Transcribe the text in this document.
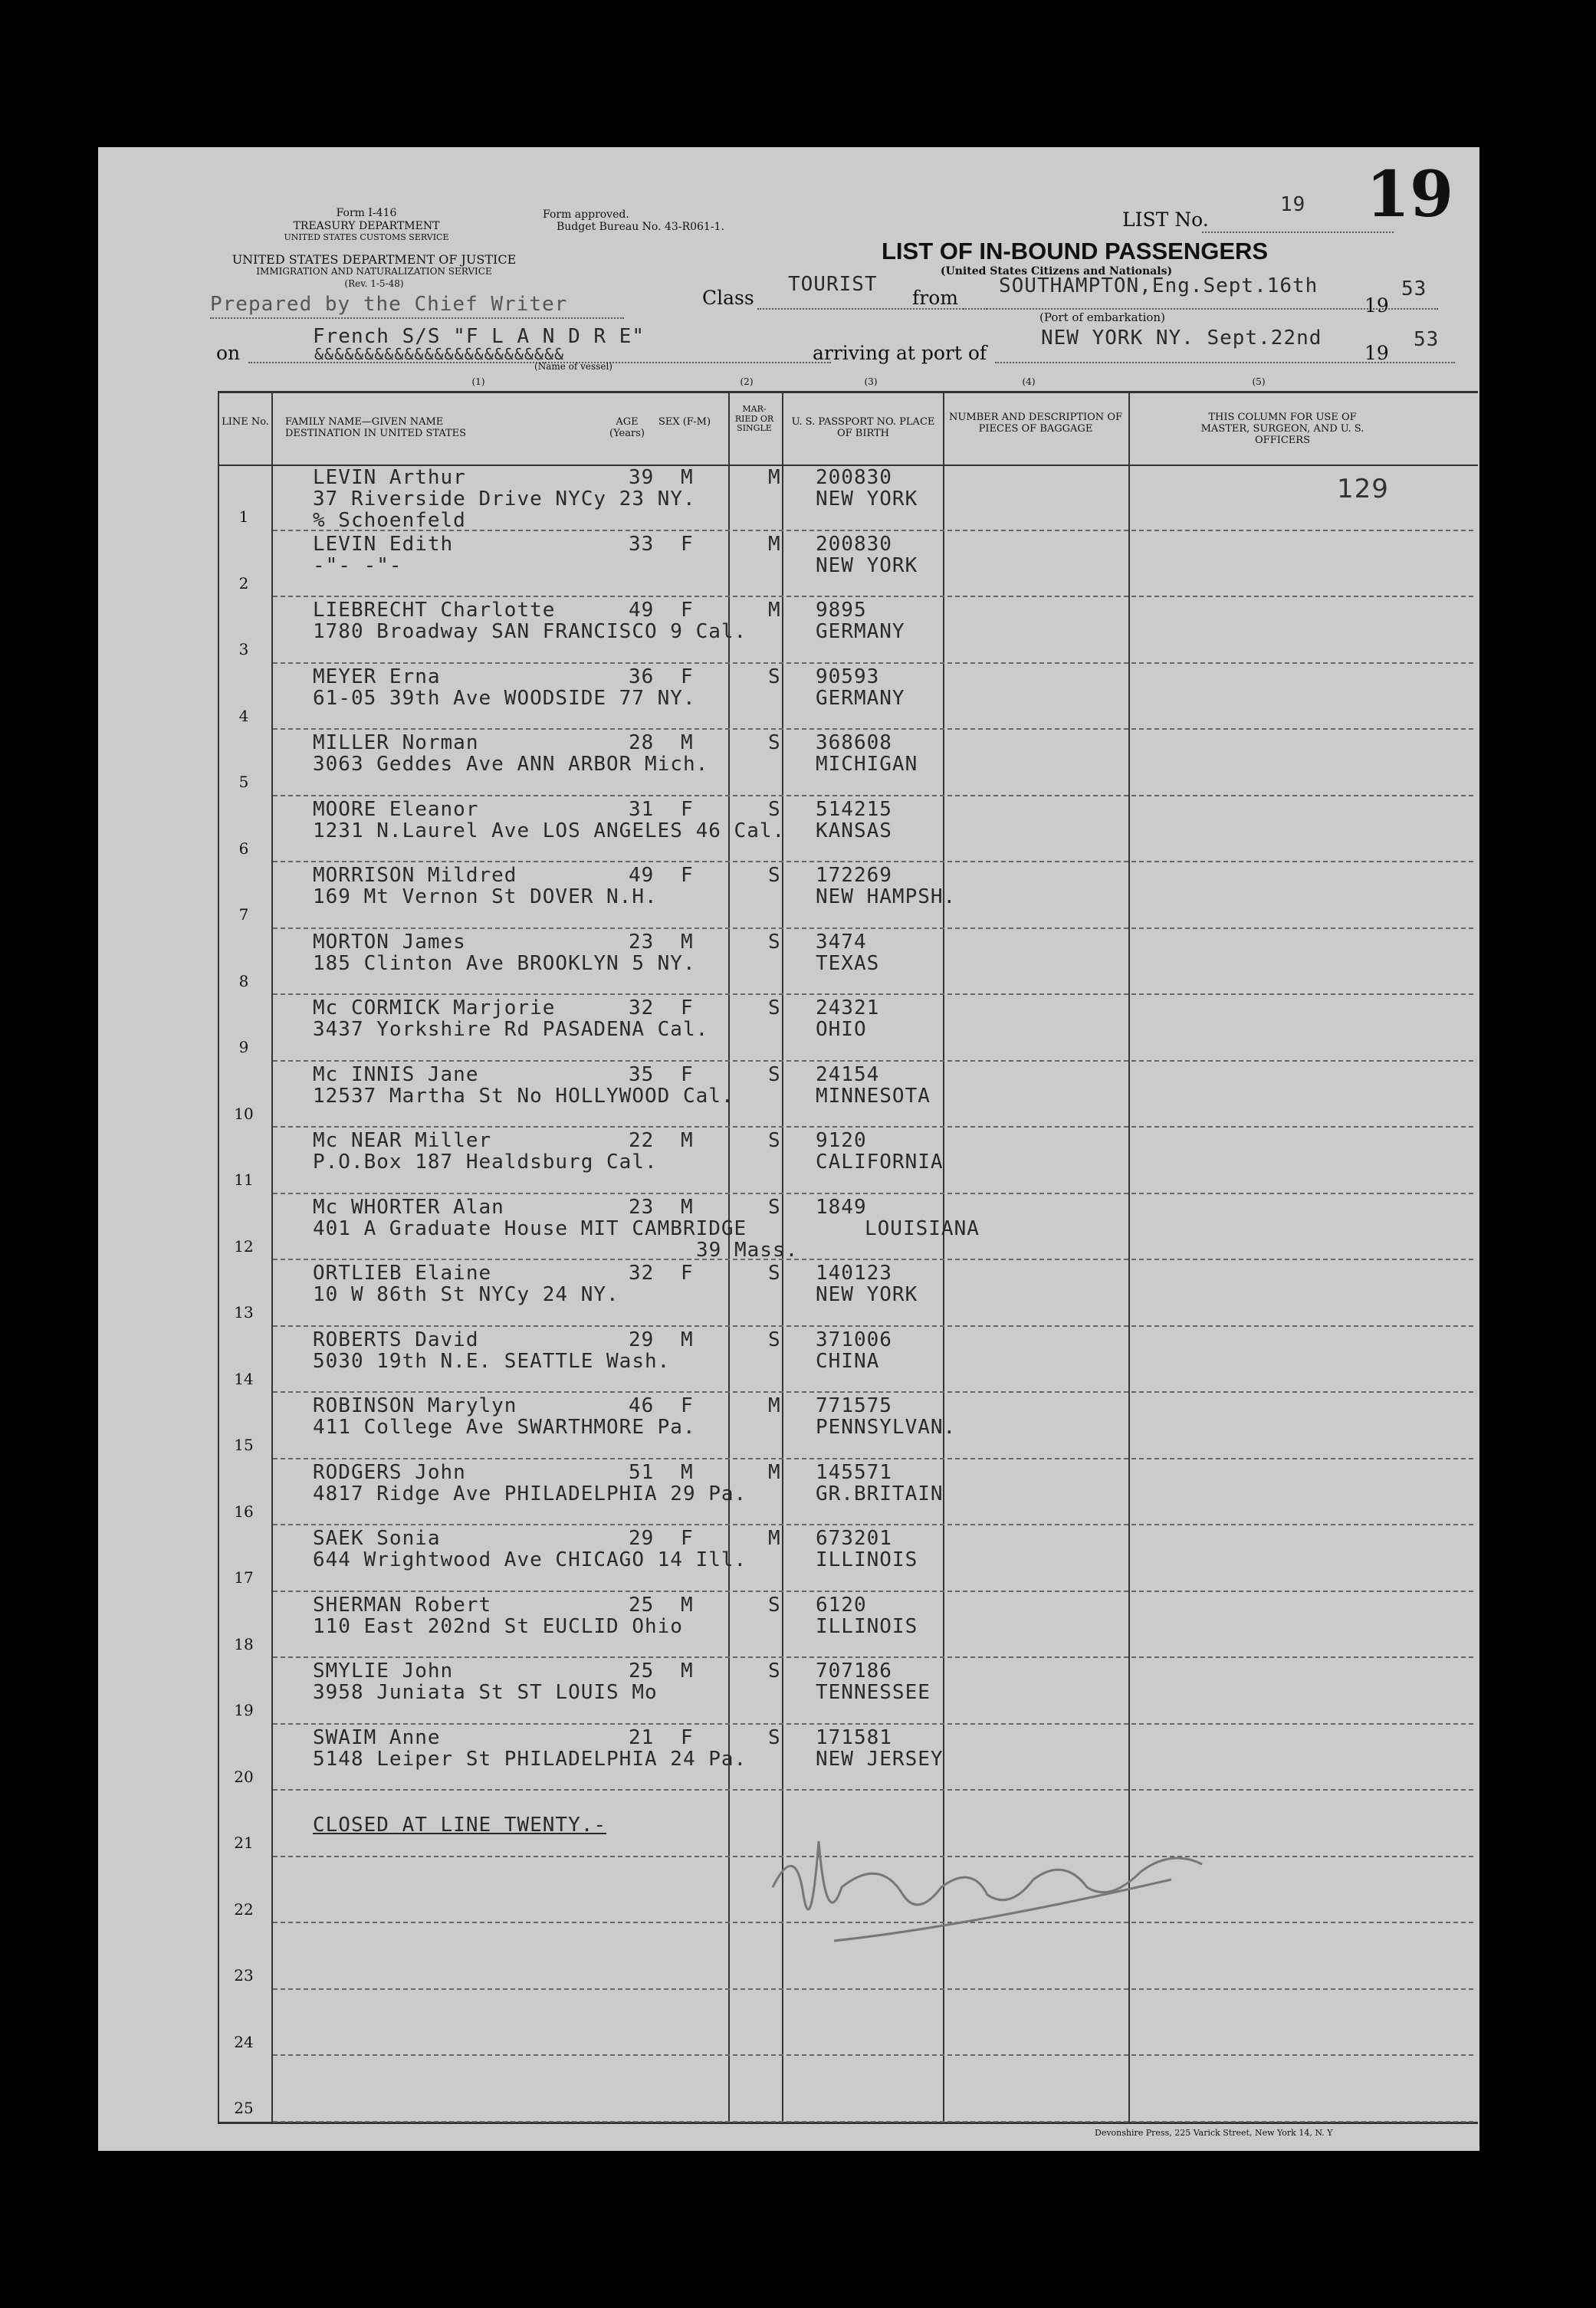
Form I-416
TREASURY DEPARTMENT
UNITED STATES CUSTOMS SERVICE
UNITED STATES DEPARTMENT OF JUSTICE
IMMIGRATION AND NATURALIZATION SERVICE
(Rev. 1-5-48)
Form approved.
Budget Bureau No. 43-R061-1.	LIST No.
19 19
LIST OF IN-BOUND PASSENGERS
(United States Citizens and Nationals)
Prepared by the Chief Writer	Class
TOURIST
from
SOUTHAMPTON,Eng.Sept.16th
19
53
(Port of embarkation)
on
French S/S "F L A N D R E"
&&&&&&&&&&&&&&&&&&&&&&&&&
(Name of vessel)
arriving at port of
NEW YORK NY. Sept.22nd
19
53
(1)	(2)	(3)	(4)	(5)
LINE No. FAMILY NAME—GIVEN NAME DESTINATION IN UNITED STATES
AGE (Years)
SEX (F-M)
MAR-RIED OR SINGLE
U. S. PASSPORT NO. PLACE OF BIRTH
NUMBER AND DESCRIPTION OF PIECES OF BAGGAGE
THIS COLUMN FOR USE OF MASTER, SURGEON, AND U. S. OFFICERS
129
1
LEVIN Arthur	39 M	M 200830
37 Riverside Drive NYCy 23 NY.
% Schoenfeld
NEW YORK
2
LEVIN Edith	33 F	M 200830
-"- -"-	NEW YORK
3
LIEBRECHT Charlotte	49 F	M 9895
1780 Broadway SAN FRANCISCO 9 Cal.	GERMANY
4
MEYER Erna	36 F	S 90593
61-05 39th Ave WOODSIDE 77 NY.	GERMANY
5
MILLER Norman	28 M	S 368608
3063 Geddes Ave ANN ARBOR Mich.	MICHIGAN
6
MOORE Eleanor	31 F	S 514215
1231 N.Laurel Ave LOS ANGELES 46 Cal. KANSAS
7
MORRISON Mildred	49 F	S 172269
169 Mt Vernon St DOVER N.H.	NEW HAMPSH.
8
MORTON James	23 M	S 3474
185 Clinton Ave BROOKLYN 5 NY.	TEXAS
9
Mc CORMICK Marjorie	32 F	S 24321
3437 Yorkshire Rd PASADENA Cal.	OHIO
10
Mc INNIS Jane	35 F	S 24154
12537 Martha St No HOLLYWOOD Cal.	MINNESOTA
11
Mc NEAR Miller	22 M	S 9120
P.O.Box 187 Healdsburg Cal.	CALIFORNIA
12
Mc WHORTER Alan	23 M	S 1849
401 A Graduate House MIT CAMBRIDGE
39 Mass.
LOUISIANA
13
ORTLIEB Elaine	32 F	S 140123
10 W 86th St NYCy 24 NY.	NEW YORK
14
ROBERTS David	29 M	S 371006
5030 19th N.E. SEATTLE Wash.	CHINA
15
ROBINSON Marylyn	46 F	M 771575
411 College Ave SWARTHMORE Pa.	PENNSYLVAN.
16
RODGERS John	51 M	M 145571
4817 Ridge Ave PHILADELPHIA 29 Pa.	GR.BRITAIN
17
SAEK Sonia	29 F	M 673201
644 Wrightwood Ave CHICAGO 14 Ill.	ILLINOIS
18
SHERMAN Robert	25 M	S 6120
110 East 202nd St EUCLID Ohio	ILLINOIS
19
SMYLIE John	25 M	S 707186
3958 Juniata St ST LOUIS Mo	TENNESSEE
20
SWAIM Anne	21 F	S 171581
5148 Leiper St PHILADELPHIA 24 Pa.	NEW JERSEY
21
22
23
24
25
CLOSED AT LINE TWENTY.-
Devonshire Press, 225 Varick Street, New York 14, N. Y
